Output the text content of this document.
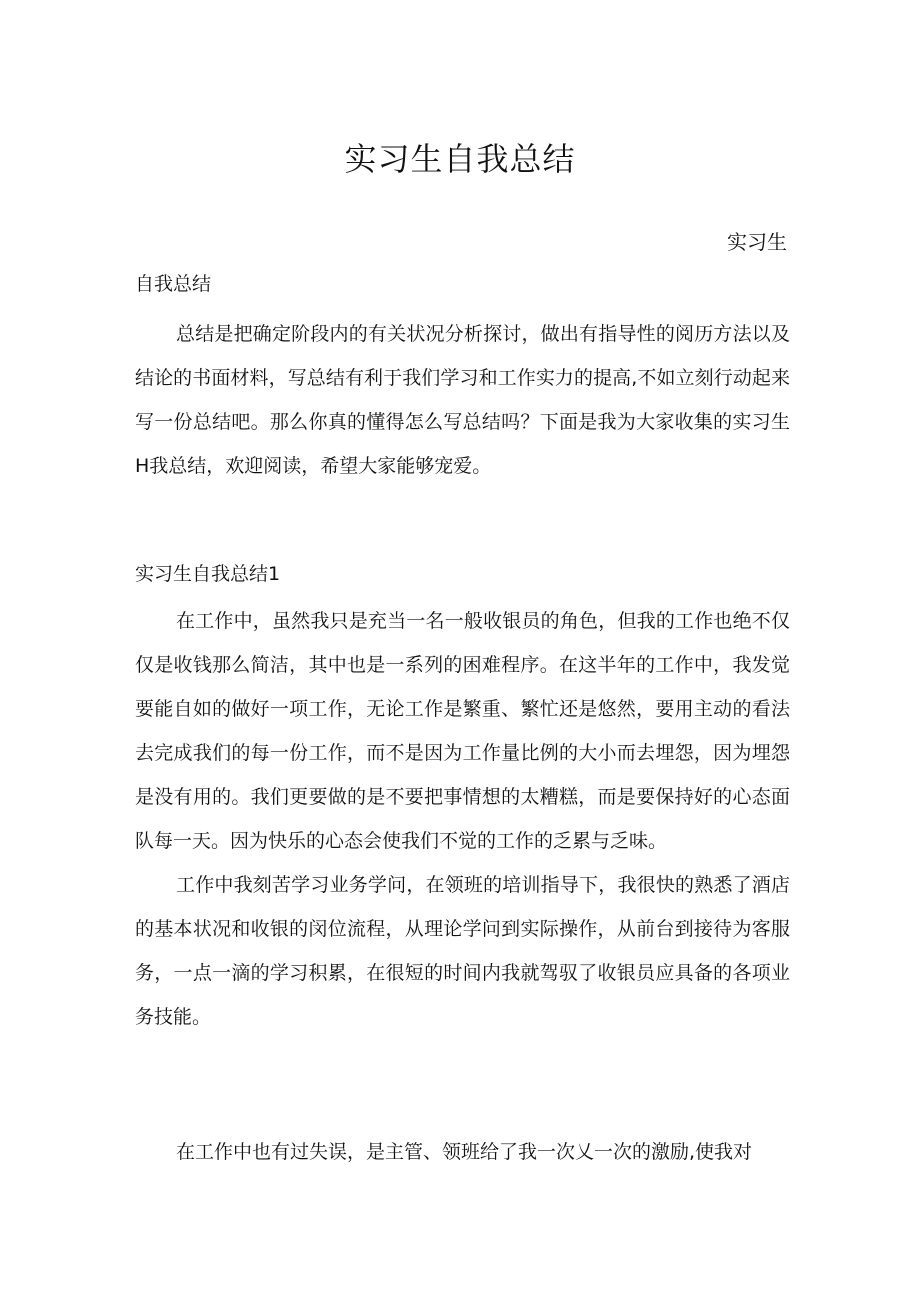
实习生自我总结
实习生

自我总结

总结是把确定阶段内的有关状况分析探讨，做出有指导性的阅历方法以及结论的书面材料，写总结有利于我们学习和工作实力的提高,不如立刻行动起来写一份总结吧。那么你真的懂得怎么写总结吗？下面是我为大家收集的实习生H我总结，欢迎阅读，希望大家能够宠爱。

实习生自我总结1

在工作中，虽然我只是充当一名一般收银员的角色，但我的工作也绝不仅仅是收钱那么简洁，其中也是一系列的困难程序。在这半年的工作中，我发觉要能自如的做好一项工作，无论工作是繁重、繁忙还是悠然，要用主动的看法去完成我们的每一份工作，而不是因为工作量比例的大小而去埋怨，因为埋怨是没有用的。我们更要做的是不要把事情想的太糟糕，而是要保持好的心态面队每一天。因为快乐的心态会使我们不觉的工作的乏累与乏味。

工作中我刻苦学习业务学问，在领班的培训指导下，我很快的熟悉了酒店的基本状况和收银的闵位流程，从理论学问到实际操作，从前台到接待为客服务，一点一滴的学习积累，在很短的时间内我就驾驭了收银员应具备的各项业务技能。

在工作中也有过失误，是主管、领班给了我一次乂一次的激励,使我对
